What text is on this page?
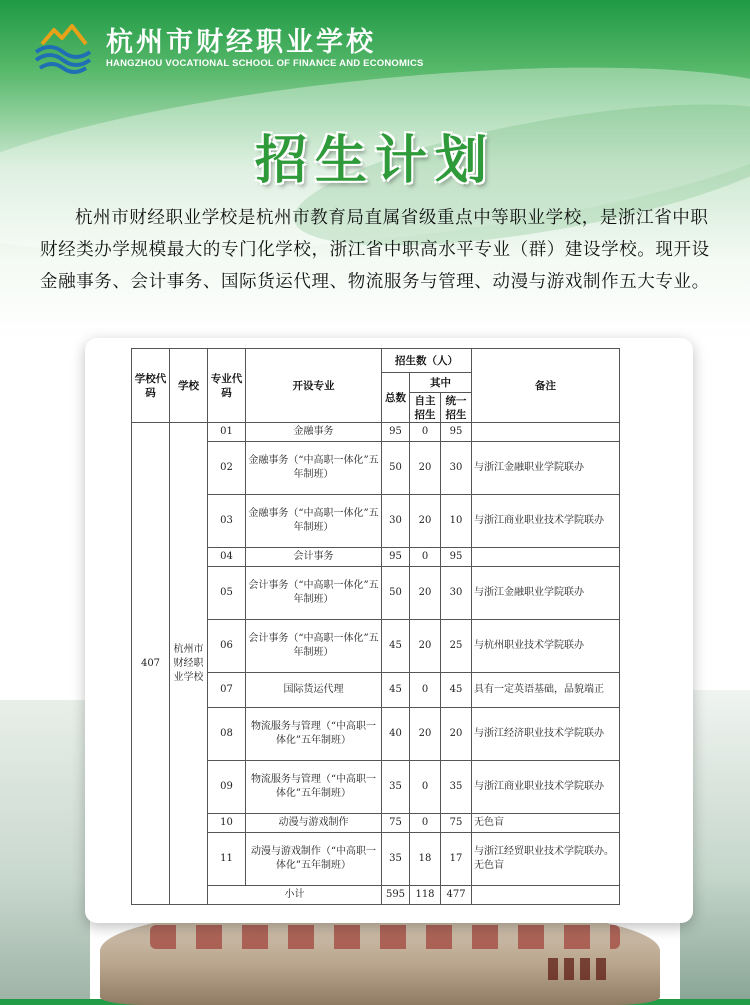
杭州市财经职业学校
HANGZHOU VOCATIONAL SCHOOL OF FINANCE AND ECONOMICS
招生计划
杭州市财经职业学校是杭州市教育局直属省级重点中等职业学校，是浙江省中职财经类办学规模最大的专门化学校，浙江省中职高水平专业（群）建设学校。现开设金融事务、会计事务、国际货运代理、物流服务与管理、动漫与游戏制作五大专业。
学校代码	学校	专业代码	开设专业	招生数（人）			备注
				总数	其中		
					自主招生	统一招生	
407	杭州市财经职业学校	01	金融事务	95	0	95	
		02	金融事务（“中高职一体化”五年制班）	50	20	30	与浙江金融职业学院联办
		03	金融事务（“中高职一体化”五年制班）	30	20	10	与浙江商业职业技术学院联办
		04	会计事务	95	0	95	
		05	会计事务（“中高职一体化”五年制班）	50	20	30	与浙江金融职业学院联办
		06	会计事务（“中高职一体化”五年制班）	45	20	25	与杭州职业技术学院联办
		07	国际货运代理	45	0	45	具有一定英语基础，品貌端正
		08	物流服务与管理（“中高职一体化”五年制班）	40	20	20	与浙江经济职业技术学院联办
		09	物流服务与管理（“中高职一体化”五年制班）	35	0	35	与浙江商业职业技术学院联办
		10	动漫与游戏制作	75	0	75	无色盲
		11	动漫与游戏制作（“中高职一体化”五年制班）	35	18	17	与浙江经贸职业技术学院联办。无色盲
		小计		595	118	477	
